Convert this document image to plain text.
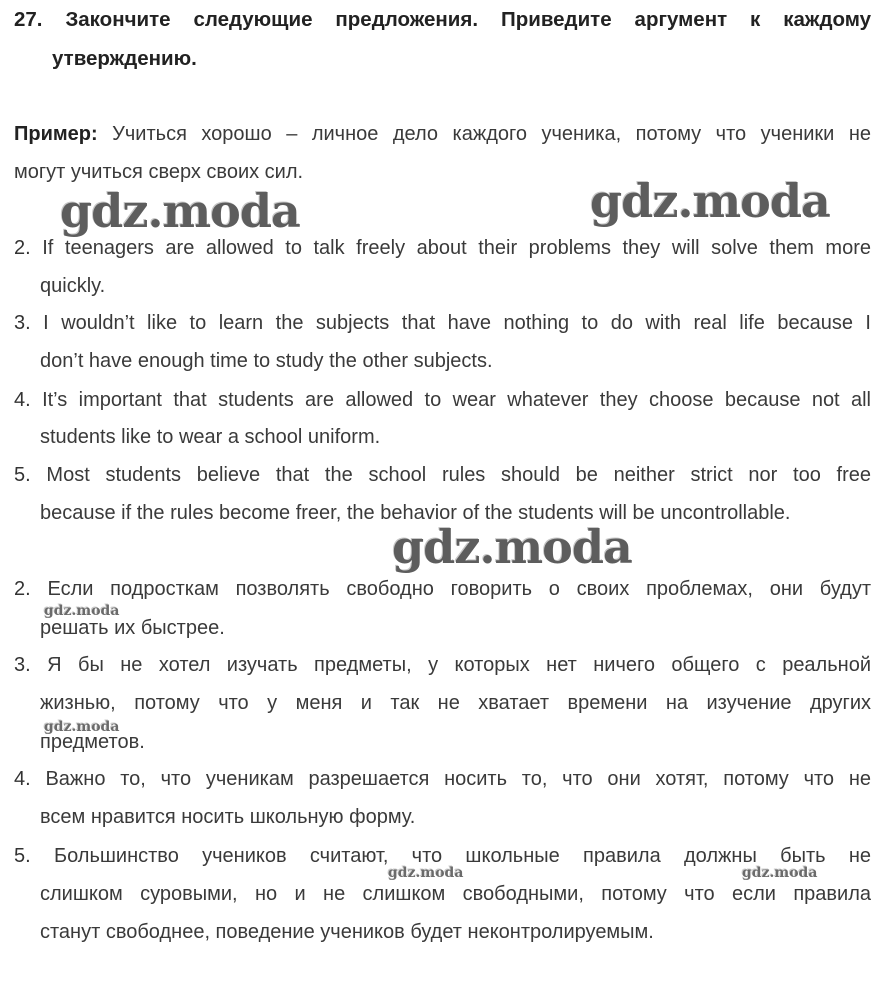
27. Закончите следующие предложения. Приведите аргумент к каждому
утверждению.
Пример: Учиться хорошо – личное дело каждого ученика, потому что ученики не
могут учиться сверх своих сил.
2. If teenagers are allowed to talk freely about their problems they will solve them more
quickly.
3. I wouldn’t like to learn the subjects that have nothing to do with real life because I
don’t have enough time to study the other subjects.
4. It’s important that students are allowed to wear whatever they choose because not all
students like to wear a school uniform.
5. Most students believe that the school rules should be neither strict nor too free
because if the rules become freer, the behavior of the students will be uncontrollable.
2. Если подросткам позволять свободно говорить о своих проблемах, они будут
решать их быстрее.
3. Я бы не хотел изучать предметы, у которых нет ничего общего с реальной
жизнью, потому что у меня и так не хватает времени на изучение других
предметов.
4. Важно то, что ученикам разрешается носить то, что они хотят, потому что не
всем нравится носить школьную форму.
5. Большинство учеников считают, что школьные правила должны быть не
слишком суровыми, но и не слишком свободными, потому что если правила
станут свободнее, поведение учеников будет неконтролируемым.
gdz.moda	gdz.moda
gdz.moda
gdz.moda
gdz.moda
gdz.moda	gdz.moda
